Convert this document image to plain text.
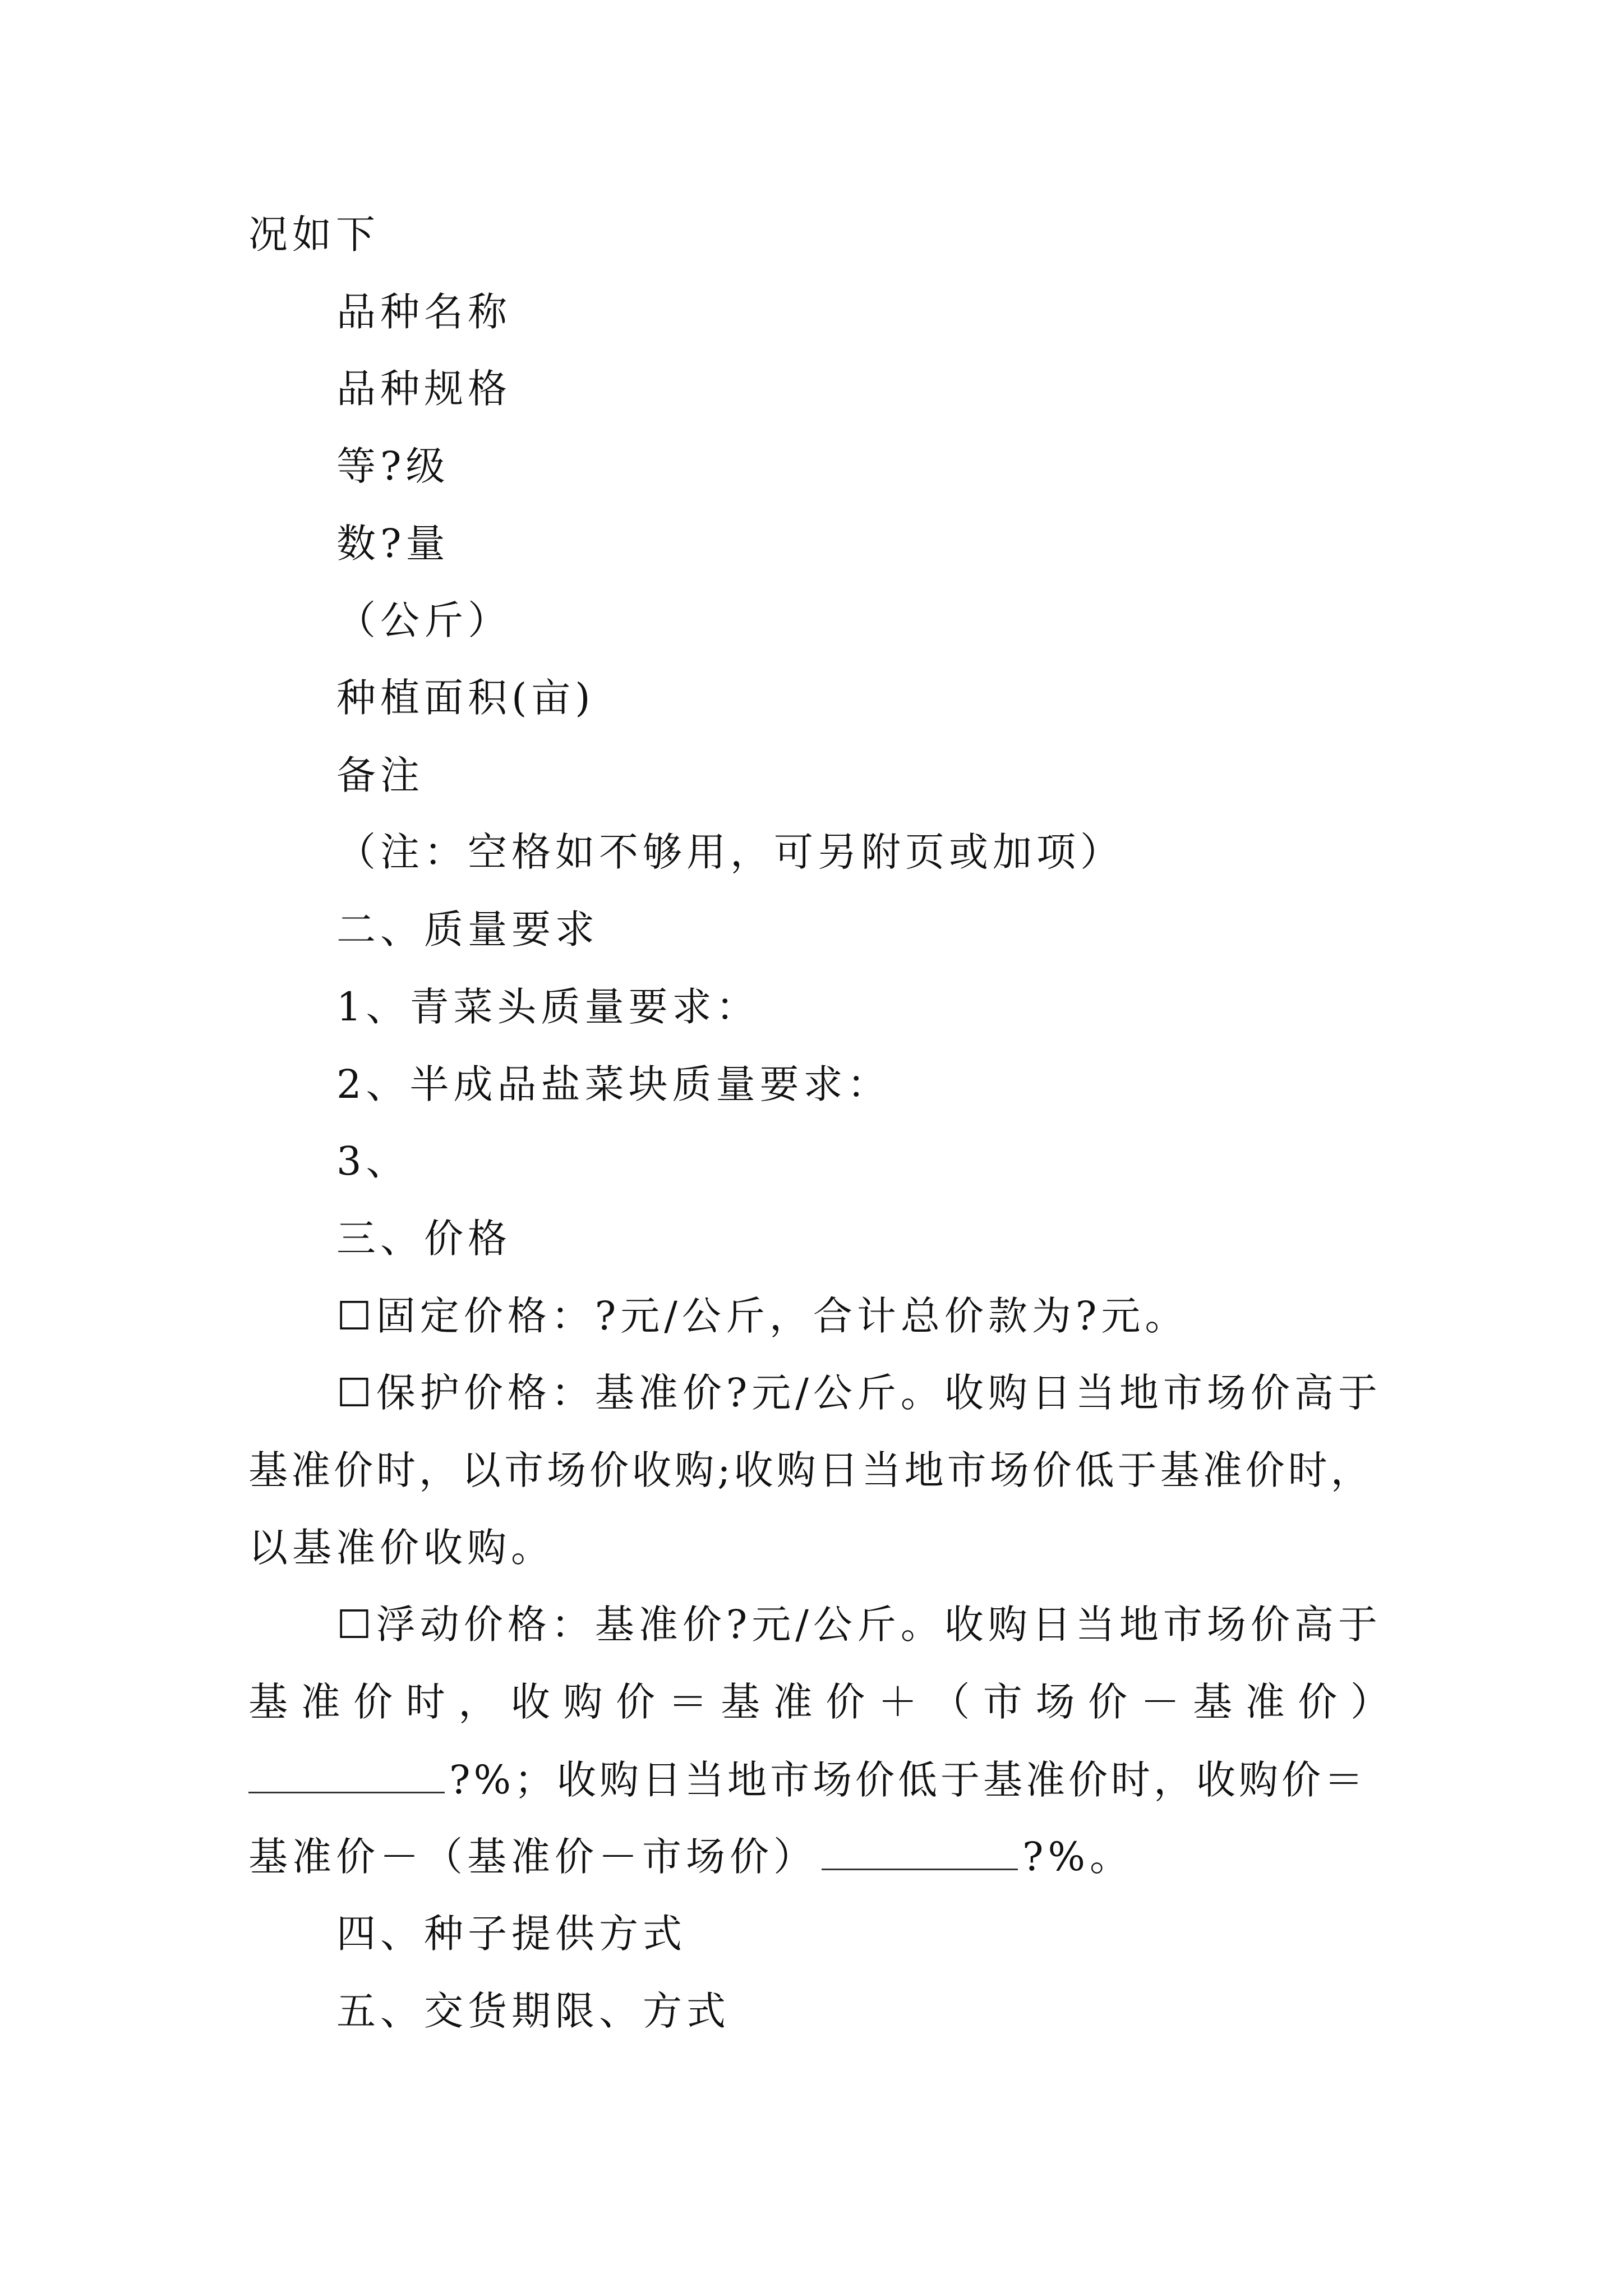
况如下

品种名称

品种规格

等?级

数?量

（公斤）

种植面积(亩)

备注

（注：空格如不够用，可另附页或加项）

二、质量要求

1、青菜头质量要求：

2、半成品盐菜块质量要求：

3、

三、价格

☐固定价格：?元/公斤，合计总价款为?元。

☐保护价格：基准价?元/公斤。收购日当地市场价高于

基准价时，以市场价收购;收购日当地市场价低于基准价时，

以基准价收购。

☐浮动价格：基准价?元/公斤。收购日当地市场价高于

基 准 价 时 ， 收 购 价 ＝ 基 准 价 ＋ （ 市 场 价 － 基 准 价 ）

?%；收购日当地市场价低于基准价时，收购价＝

基准价－（基准价－市场价）	?%。

四、种子提供方式

五、交货期限、方式
